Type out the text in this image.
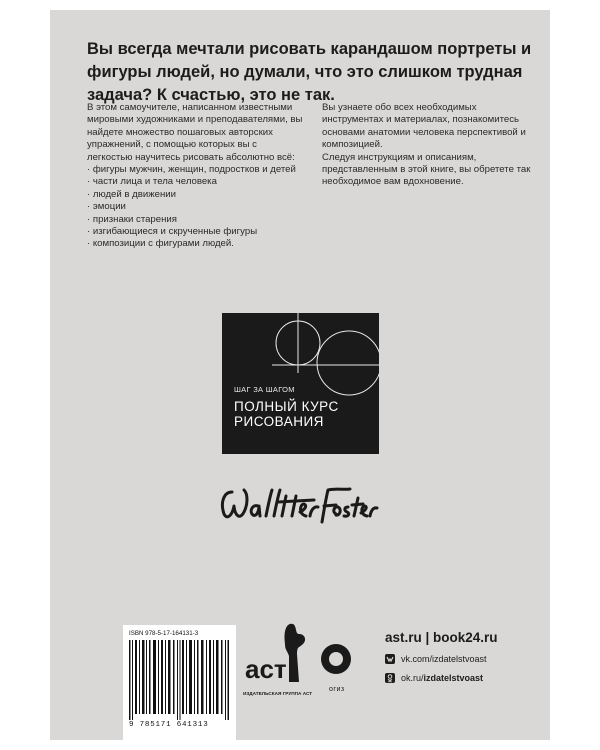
Вы всегда мечтали рисовать карандашом портреты и фигуры людей, но думали, что это слишком трудная задача? К счастью, это не так.

В этом самоучителе, написанном известными мировыми художниками и преподавателями, вы найдете множество пошаговых авторских упражнений, с помощью которых вы с легкостью научитесь рисовать абсолютно всё:

· фигуры мужчин, женщин, подростков и детей
· части лица и тела человека
· людей в движении
· эмоции
· признаки старения
· изгибающиеся и скрученные фигуры
· композиции с фигурами людей.

Вы узнаете обо всех необходимых инструментах и материалах, познакомитесь основами анатомии человека перспективой и композицией.

Следуя инструкциям и описаниям, представленным в этой книге, вы обретете так необходимое вам вдохновение.

ШАГ ЗА ШАГОМ
ПОЛНЫЙ КУРС
РИСОВАНИЯ
ISBN 978-5-17-164131-3
9 785171 641313
аст
ИЗДАТЕЛЬСКАЯ ГРУППА АСТ
огиз
ast.ru | book24.ru
vk.com/izdatelstvoast
ok.ru/ izdatelstvoast
